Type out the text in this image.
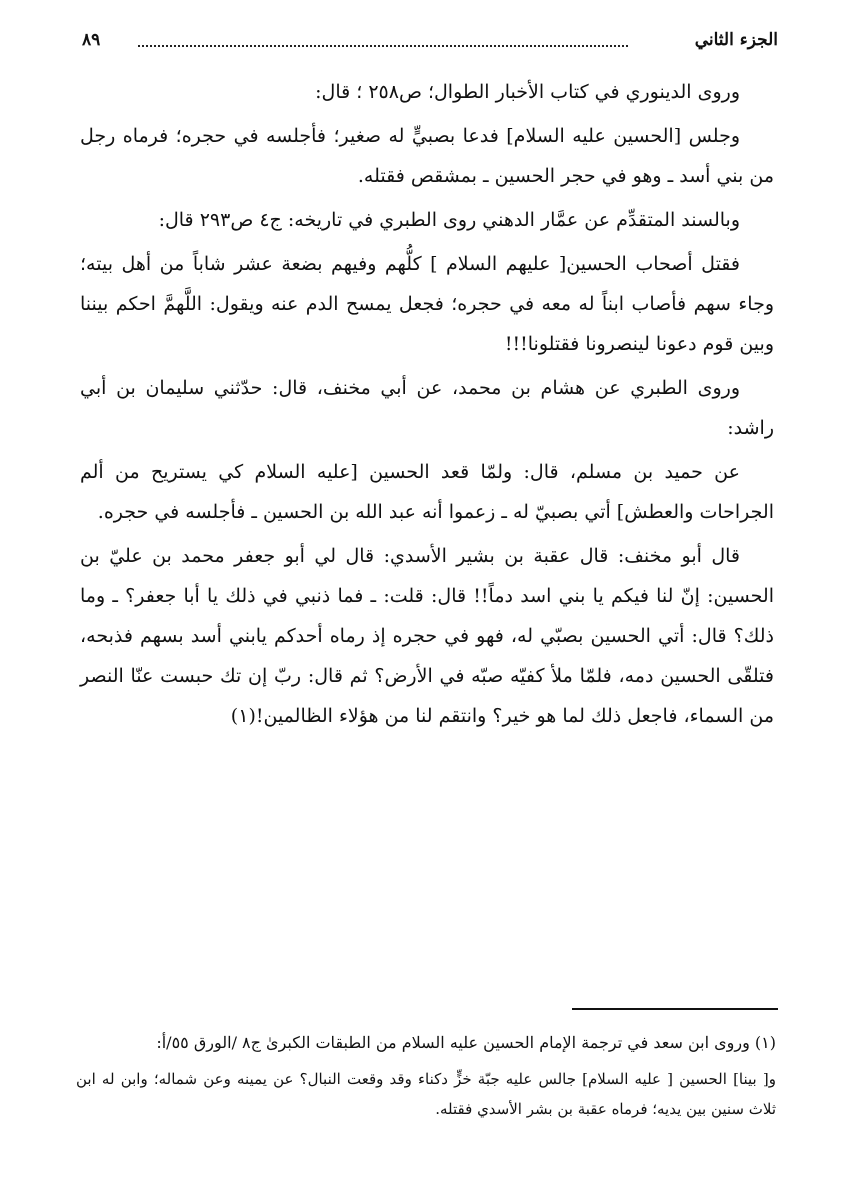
الجزء الثاني
٨٩

وروى الدينوري في كتاب الأخبار الطوال؛ ص٢٥٨ ؛ قال:

وجلس [الحسين عليه السلام] فدعا بصبيٍّ له صغير؛ فأجلسه في حجره؛ فرماه رجل من بني أسد ـ وهو في حجر الحسين ـ بمشقص فقتله.

وبالسند المتقدِّم عن عمَّار الدهني روى الطبري في تاريخه: ج٤ ص٢٩٣ قال:

فقتل أصحاب الحسين[ عليهم السلام ] كلُّهم وفيهم بضعة عشر شاباً من أهل بيته؛ وجاء سهم فأصاب ابناً له معه في حجره؛ فجعل يمسح الدم عنه ويقول: اللَّهمَّ احكم بيننا وبين قوم دعونا لينصرونا فقتلونا!!!

وروى الطبري عن هشام بن محمد، عن أبي مخنف، قال: حدّثني سليمان بن أبي راشد:

عن حميد بن مسلم، قال: ولمّا قعد الحسين [عليه السلام كي يستريح من ألم الجراحات والعطش] أتي بصبيّ له ـ زعموا أنه عبد الله بن الحسين ـ فأجلسه في حجره.

قال أبو مخنف: قال عقبة بن بشير الأسدي: قال لي أبو جعفر محمد بن عليّ بن الحسين: إنّ لنا فيكم يا بني اسد دماً!! قال: قلت: ـ فما ذنبي في ذلك يا أبا جعفر؟ ـ وما ذلك؟ قال: أتي الحسين بصبّي له، فهو في حجره إذ رماه أحدكم يابني أسد بسهم فذبحه، فتلقّى الحسين دمه، فلمّا ملأ كفيّه صبّه في الأرض؟ ثم قال: ربّ إن تك حبست عنّا النصر من السماء، فاجعل ذلك لما هو خير؟ وانتقم لنا من هؤلاء الظالمين!(١)

(١) وروى ابن سعد في ترجمة الإمام الحسين عليه السلام من الطبقات الكبرىٰ ج٨ /الورق ٥٥/أ:

و[ بينا] الحسين [ عليه السلام] جالس عليه جبّة خزٍّ دكناء وقد وقعت النبال؟ عن يمينه وعن شماله؛ وابن له ابن ثلاث سنين بين يديه؛ فرماه عقبة بن بشر الأسدي فقتله.
